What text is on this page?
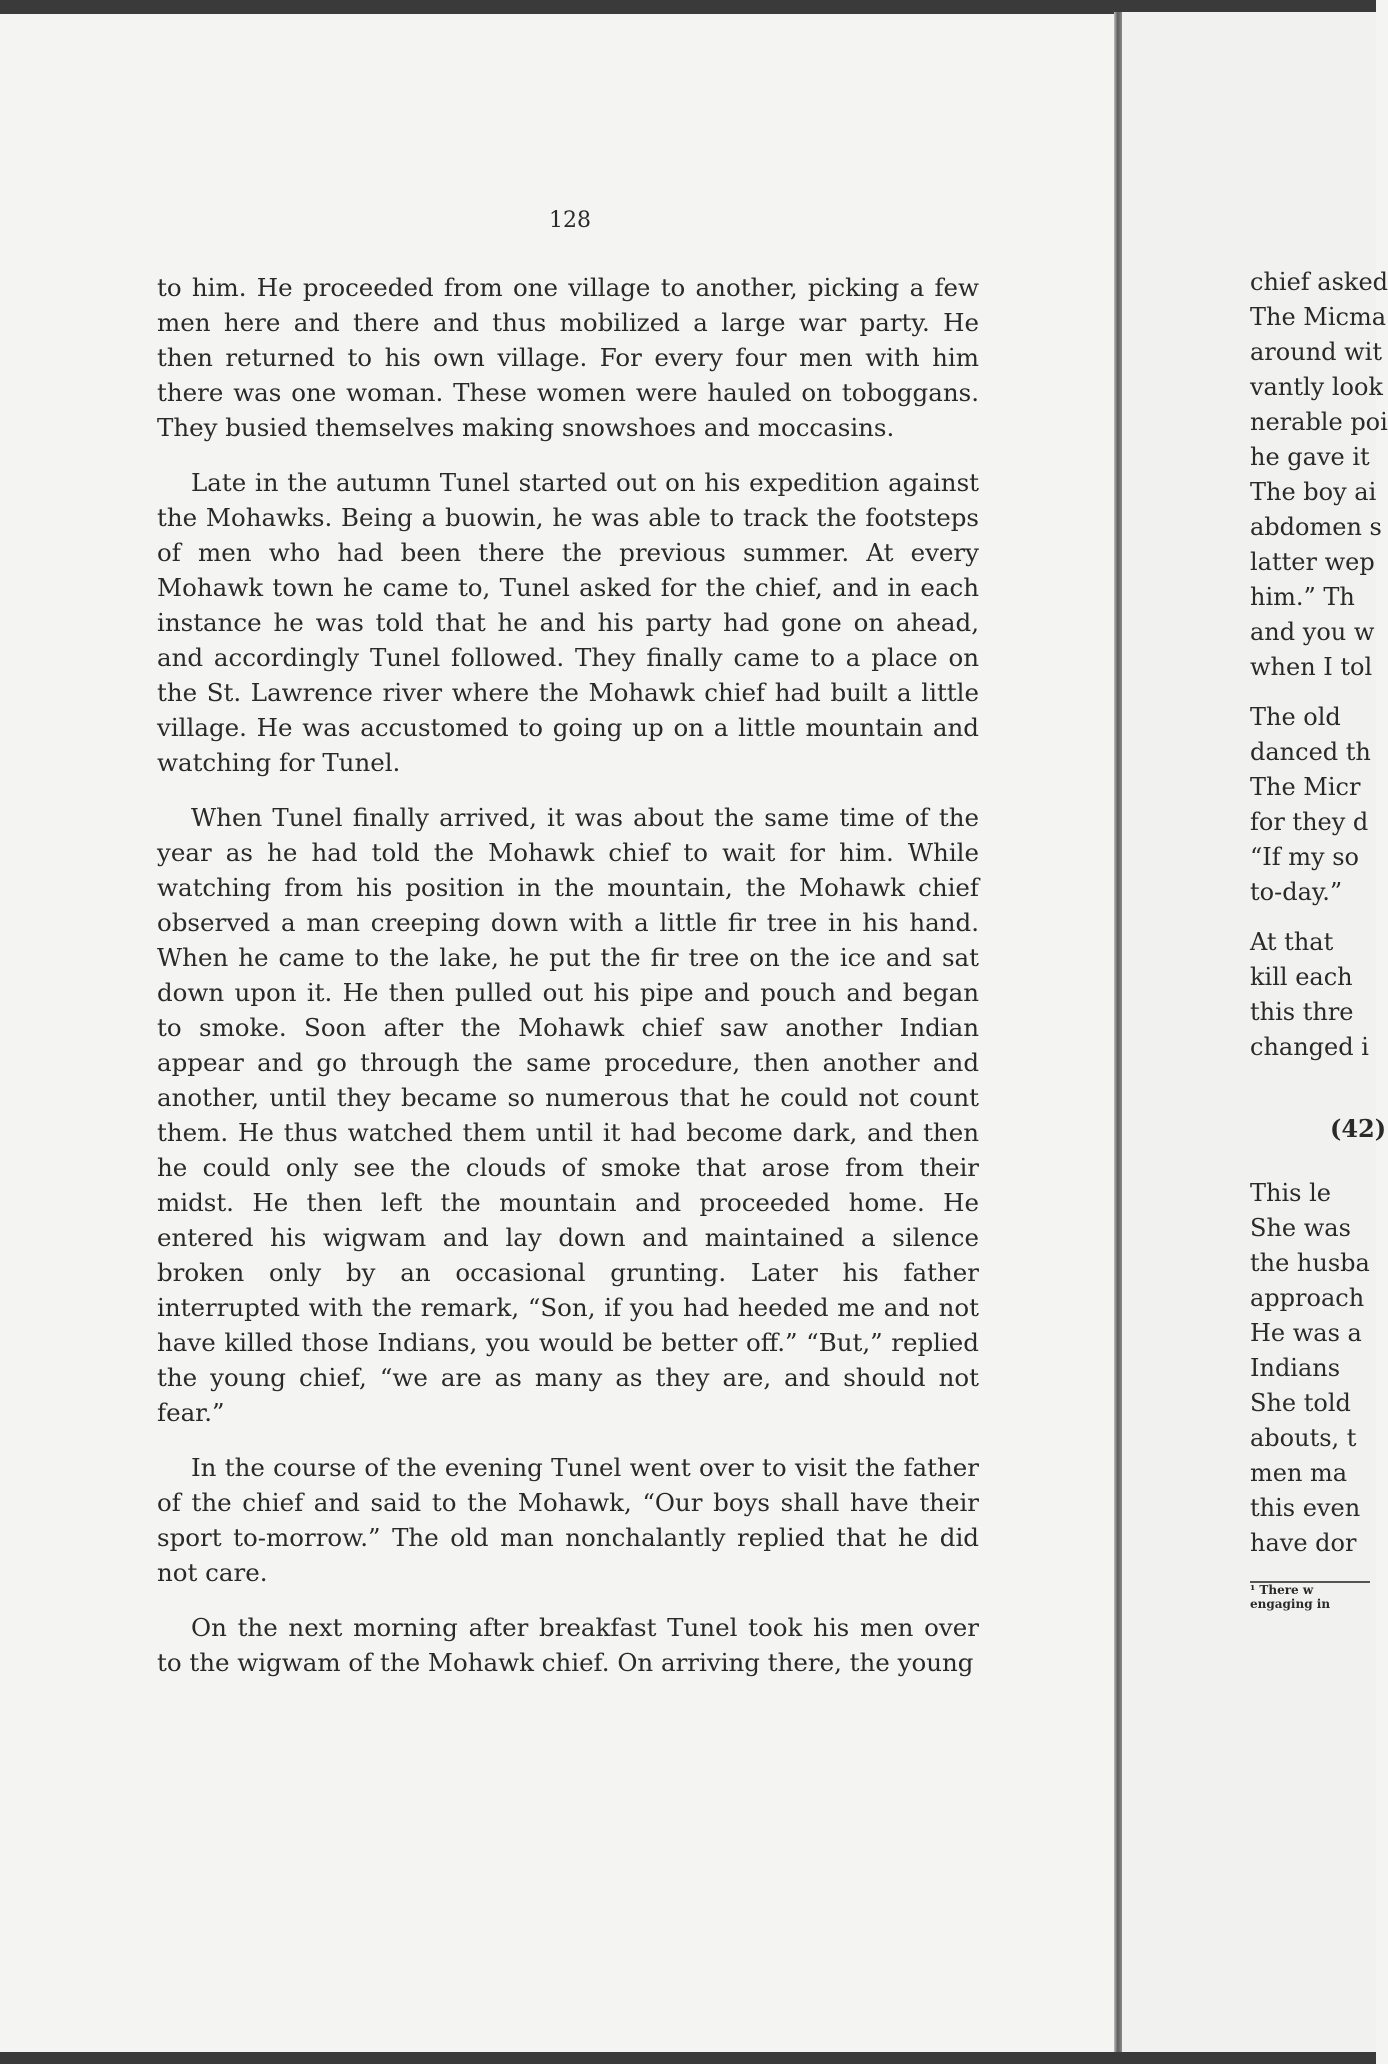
128

to him. He proceeded from one village to another, picking a few men here and there and thus mobilized a large war party. He then returned to his own village. For every four men with him there was one woman. These women were hauled on toboggans. They busied themselves making snowshoes and moccasins.

Late in the autumn Tunel started out on his expedition against the Mohawks. Being a buowin, he was able to track the footsteps of men who had been there the previous summer. At every Mohawk town he came to, Tunel asked for the chief, and in each instance he was told that he and his party had gone on ahead, and accordingly Tunel followed. They finally came to a place on the St. Lawrence river where the Mohawk chief had built a little village. He was accustomed to going up on a little mountain and watching for Tunel.

When Tunel finally arrived, it was about the same time of the year as he had told the Mohawk chief to wait for him. While watching from his position in the mountain, the Mohawk chief observed a man creeping down with a little fir tree in his hand. When he came to the lake, he put the fir tree on the ice and sat down upon it. He then pulled out his pipe and pouch and began to smoke. Soon after the Mohawk chief saw another Indian appear and go through the same procedure, then another and another, until they became so numerous that he could not count them. He thus watched them until it had become dark, and then he could only see the clouds of smoke that arose from their midst. He then left the mountain and proceeded home. He entered his wigwam and lay down and maintained a silence broken only by an occasional grunting. Later his father interrupted with the remark, “Son, if you had heeded me and not have killed those Indians, you would be better off.” “But,” replied the young chief, “we are as many as they are, and should not fear.”

In the course of the evening Tunel went over to visit the father of the chief and said to the Mohawk, “Our boys shall have their sport to-morrow.” The old man nonchalantly replied that he did not care.

On the next morning after breakfast Tunel took his men over to the wigwam of the Mohawk chief. On arriving there, the young

chief asked
The Micma
around wit
vantly look
nerable poi
he gave it
The boy ai
abdomen s
latter wep
him.” Th
and you w
when I tol
The old
danced th
The Micr
for they d
“If my so
to-day.”
At that
kill each
this thre
changed i
(42)
This le
She was
the husba
approach
He was a
Indians
She told
abouts, t
men ma
this even
have dor
¹ There w
engaging in
